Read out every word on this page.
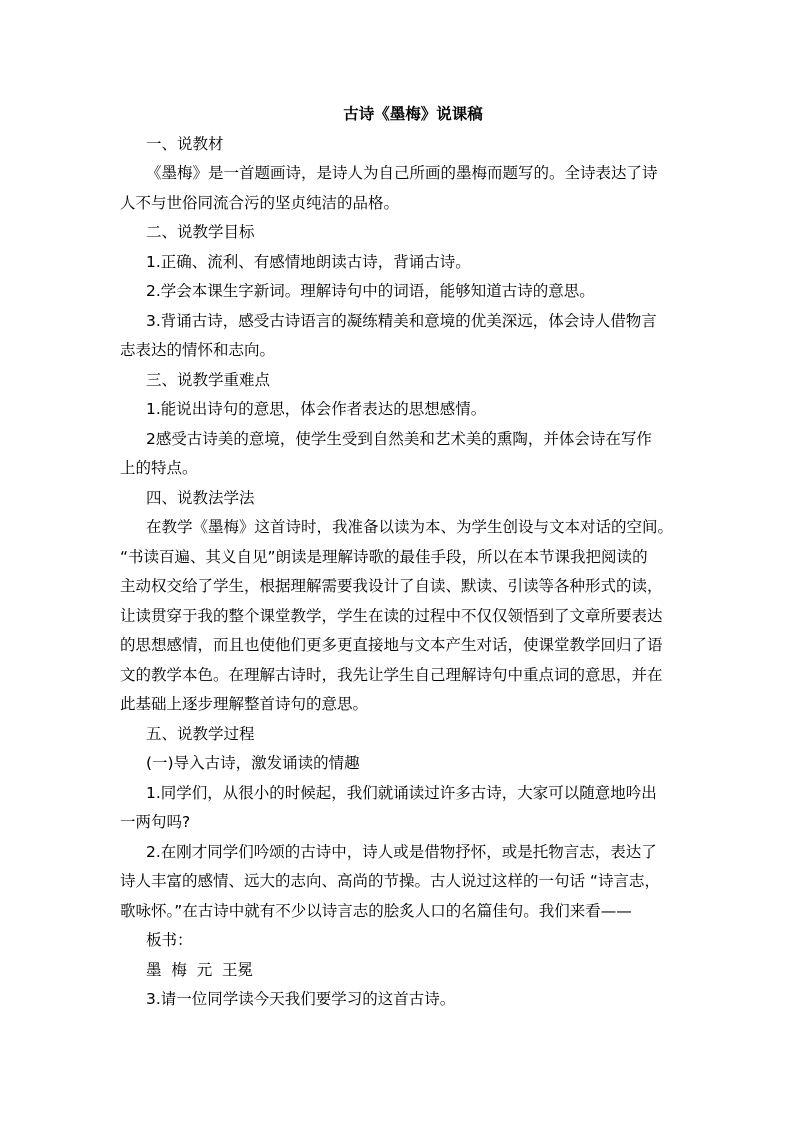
古诗《墨梅》说课稿
一、说教材
《墨梅》是一首题画诗，是诗人为自己所画的墨梅而题写的。全诗表达了诗
人不与世俗同流合污的坚贞纯洁的品格。
二、说教学目标
1.正确、流利、有感情地朗读古诗，背诵古诗。
2.学会本课生字新词。理解诗句中的词语，能够知道古诗的意思。
3.背诵古诗，感受古诗语言的凝练精美和意境的优美深远，体会诗人借物言
志表达的情怀和志向。
三、说教学重难点
1.能说出诗句的意思，体会作者表达的思想感情。
2感受古诗美的意境，使学生受到自然美和艺术美的熏陶，并体会诗在写作
上的特点。
四、说教法学法
在教学《墨梅》这首诗时，我准备以读为本、为学生创设与文本对话的空间。
“书读百遍、其义自见”朗读是理解诗歌的最佳手段，所以在本节课我把阅读的
主动权交给了学生，根据理解需要我设计了自读、默读、引读等各种形式的读，
让读贯穿于我的整个课堂教学，学生在读的过程中不仅仅领悟到了文章所要表达
的思想感情，而且也使他们更多更直接地与文本产生对话，使课堂教学回归了语
文的教学本色。在理解古诗时，我先让学生自己理解诗句中重点词的意思，并在
此基础上逐步理解整首诗句的意思。
五、说教学过程
(一)导入古诗，激发诵读的情趣
1.同学们，从很小的时候起，我们就诵读过许多古诗，大家可以随意地吟出
一两句吗?
2.在刚才同学们吟颂的古诗中，诗人或是借物抒怀，或是托物言志，表达了
诗人丰富的感情、远大的志向、高尚的节操。古人说过这样的一句话 “诗言志，
歌咏怀。”在古诗中就有不少以诗言志的脍炙人口的名篇佳句。我们来看——
板书：
墨  梅  元  王冕
3.请一位同学读今天我们要学习的这首古诗。
